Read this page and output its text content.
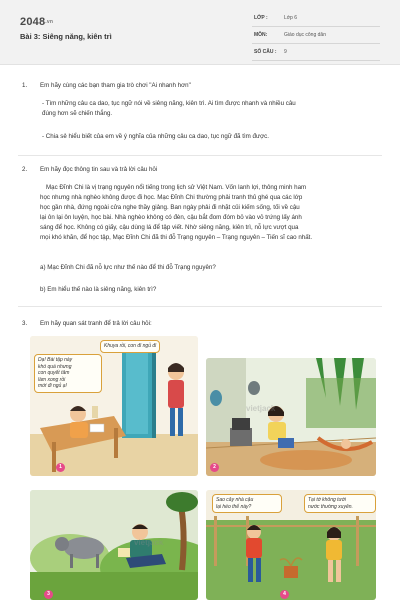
2048.vn
Bài 3: Siêng năng, kiên trì
LỚP :	Lớp 6
MÔN:	Giáo dục công dân
SỐ CÂU : 9
1. Em hãy cùng các bạn tham gia trò chơi "Ai nhanh hơn"
- Tìm những câu ca dao, tục ngữ nói về siêng năng, kiên trì. Ai tìm được nhanh và nhiều câu
đúng hơn sẽ chiến thắng.
- Chia sẻ hiểu biết của em về ý nghĩa của những câu ca dao, tục ngữ đã tìm được.
2. Em hãy đọc thông tin sau và trả lời câu hỏi
Mạc Đĩnh Chi là vị trạng nguyên nổi tiếng trong lịch sử Việt Nam. Vốn lanh lợi, thông minh ham
học nhưng nhà nghèo không được đi học. Mạc Đĩnh Chi thường phải tranh thủ ghé qua các lớp
học gần nhà, đứng ngoài cửa nghe thầy giảng. Ban ngày phải đi nhặt củi kiếm sống, tối về cậu
lại ôn lại ôn luyện, học bài. Nhà nghèo không có đèn, cậu bắt đom đóm bỏ vào vỏ trứng lấy ánh
sáng để học. Không có giấy, cậu dùng lá để tập viết. Nhờ siêng năng, kiên trì, nỗ lực vượt qua
mọi khó khăn, để học tập, Mạc Đĩnh Chi đã thi đỗ Trạng nguyên – Trạng nguyên – Tiến sĩ cao nhất.
a) Mạc Đĩnh Chi đã nỗ lực như thế nào để thi đỗ Trạng nguyên?
b) Em hiểu thế nào là siêng năng, kiên trì?
3. Em hãy quan sát tranh để trả lời câu hỏi:
Dạ! Bài tập này
khó quá nhưng
con quyết tâm
làm xong rồi
mới đi ngủ ạ!
Khuya rồi, con đi ngủ đi
1
vietjack
2
vietjack
3
Sao cây nhà cậu
lại héo thế này?
Tại tớ không tưới
nước thường xuyên.
4
